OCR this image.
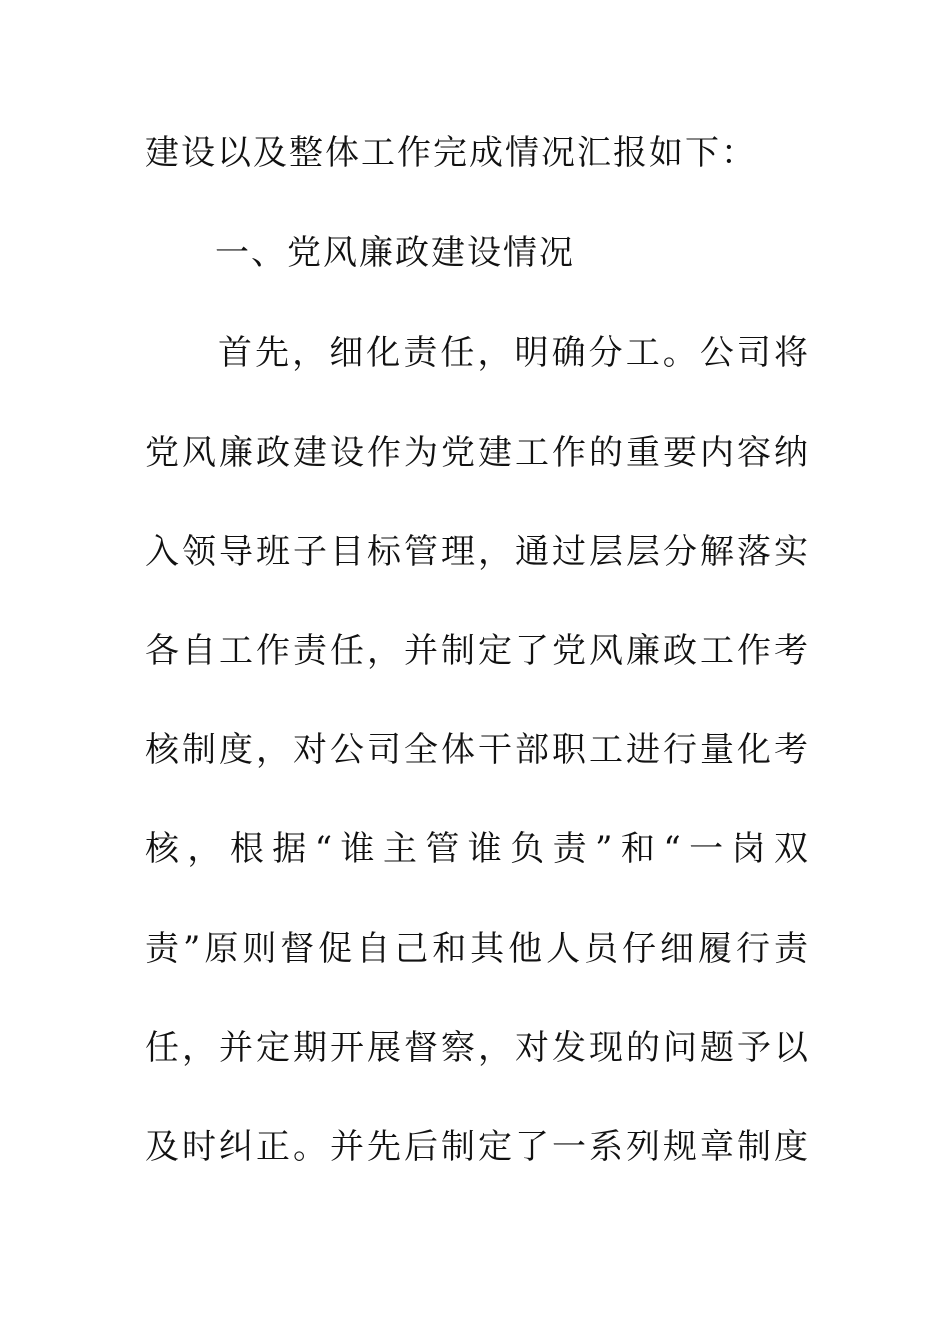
建设以及整体工作完成情况汇报如下：
一、党风廉政建设情况
首先，细化责任，明确分工。公司将
党风廉政建设作为党建工作的重要内容纳
入领导班子目标管理，通过层层分解落实
各自工作责任，并制定了党风廉政工作考
核制度，对公司全体干部职工进行量化考
核，根据“谁主管谁负责”和“一岗双
责”原则督促自己和其他人员仔细履行责
任，并定期开展督察，对发现的问题予以
及时纠正。并先后制定了一系列规章制度
